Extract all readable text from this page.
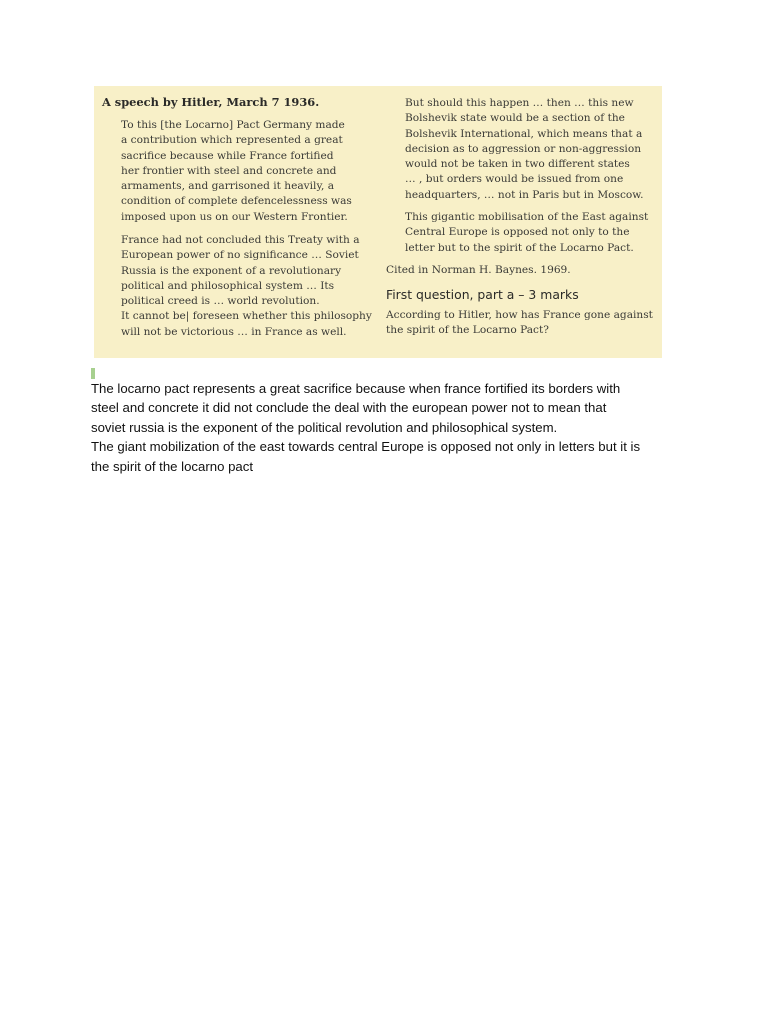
A speech by Hitler, March 7 1936.
To this [the Locarno] Pact Germany made
a contribution which represented a great
sacrifice because while France fortified
her frontier with steel and concrete and
armaments, and garrisoned it heavily, a
condition of complete defencelessness was
imposed upon us on our Western Frontier.
France had not concluded this Treaty with a
European power of no significance … Soviet
Russia is the exponent of a revolutionary
political and philosophical system … Its
political creed is … world revolution.
It cannot be| foreseen whether this philosophy
will not be victorious … in France as well.
But should this happen … then … this new
Bolshevik state would be a section of the
Bolshevik International, which means that a
decision as to aggression or non-aggression
would not be taken in two different states
… , but orders would be issued from one
headquarters, … not in Paris but in Moscow.
This gigantic mobilisation of the East against
Central Europe is opposed not only to the
letter but to the spirit of the Locarno Pact.
Cited in Norman H. Baynes. 1969.
First question, part a – 3 marks
According to Hitler, how has France gone against
the spirit of the Locarno Pact?
The locarno pact represents a great sacrifice because when france fortified its borders with
steel and concrete it did not conclude the deal with the european power not to mean that
soviet russia is the exponent of the political revolution and philosophical system.
The giant mobilization of the east towards central Europe is opposed not only in letters but it is
the spirit of the locarno pact
